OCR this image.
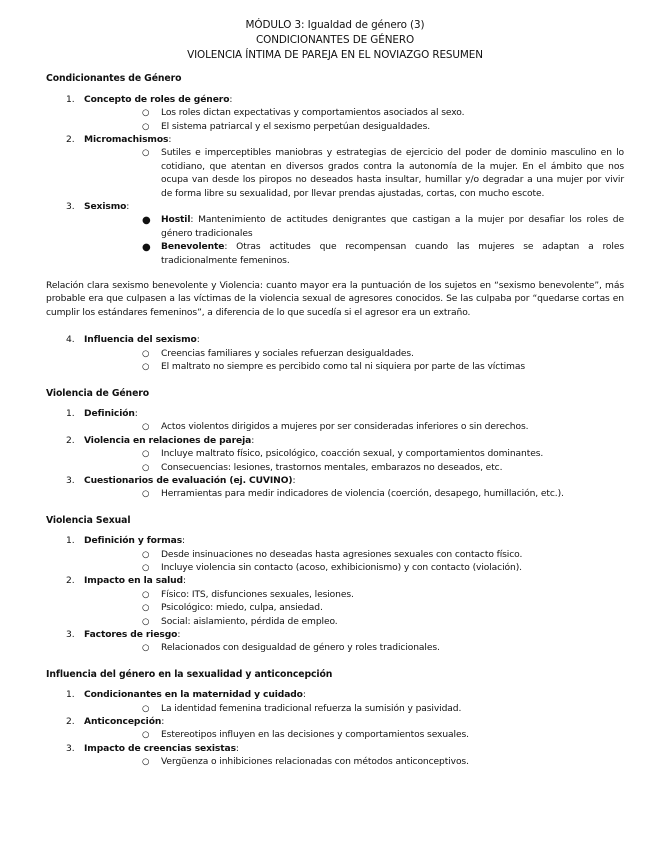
MÓDULO 3: Igualdad de género (3)
CONDICIONANTES DE GÉNERO
VIOLENCIA ÍNTIMA DE PAREJA EN EL NOVIAZGO RESUMEN
Condicionantes de Género
1. Concepto de roles de género:
○ Los roles dictan expectativas y comportamientos asociados al sexo.
○ El sistema patriarcal y el sexismo perpetúan desigualdades.
2. Micromachismos:
○ Sutiles e imperceptibles maniobras y estrategias de ejercicio del poder de dominio masculino en lo cotidiano, que atentan en diversos grados contra la autonomía de la mujer. En el ámbito que nos ocupa van desde los piropos no deseados hasta insultar, humillar y/o degradar a una mujer por vivir de forma libre su sexualidad, por llevar prendas ajustadas, cortas, con mucho escote.
3. Sexismo:
● Hostil: Mantenimiento de actitudes denigrantes que castigan a la mujer por desafiar los roles de género tradicionales
● Benevolente: Otras actitudes que recompensan cuando las mujeres se adaptan a roles tradicionalmente femeninos.

Relación clara sexismo benevolente y Violencia: cuanto mayor era la puntuación de los sujetos en “sexismo benevolente”, más probable era que culpasen a las víctimas de la violencia sexual de agresores conocidos. Se las culpaba por “quedarse cortas en cumplir los estándares femeninos”, a diferencia de lo que sucedía si el agresor era un extraño.

4. Influencia del sexismo:
○ Creencias familiares y sociales refuerzan desigualdades.
○ El maltrato no siempre es percibido como tal ni siquiera por parte de las víctimas
Violencia de Género
1. Definición:
○ Actos violentos dirigidos a mujeres por ser consideradas inferiores o sin derechos.
2. Violencia en relaciones de pareja:
○ Incluye maltrato físico, psicológico, coacción sexual, y comportamientos dominantes.
○ Consecuencias: lesiones, trastornos mentales, embarazos no deseados, etc.
3. Cuestionarios de evaluación (ej. CUVINO):
○ Herramientas para medir indicadores de violencia (coerción, desapego, humillación, etc.).
Violencia Sexual
1. Definición y formas:
○ Desde insinuaciones no deseadas hasta agresiones sexuales con contacto físico.
○ Incluye violencia sin contacto (acoso, exhibicionismo) y con contacto (violación).
2. Impacto en la salud:
○ Físico: ITS, disfunciones sexuales, lesiones.
○ Psicológico: miedo, culpa, ansiedad.
○ Social: aislamiento, pérdida de empleo.
3. Factores de riesgo:
○ Relacionados con desigualdad de género y roles tradicionales.
Influencia del género en la sexualidad y anticoncepción
1. Condicionantes en la maternidad y cuidado:
○ La identidad femenina tradicional refuerza la sumisión y pasividad.
2. Anticoncepción:
○ Estereotipos influyen en las decisiones y comportamientos sexuales.
3. Impacto de creencias sexistas:
○ Vergüenza o inhibiciones relacionadas con métodos anticonceptivos.
